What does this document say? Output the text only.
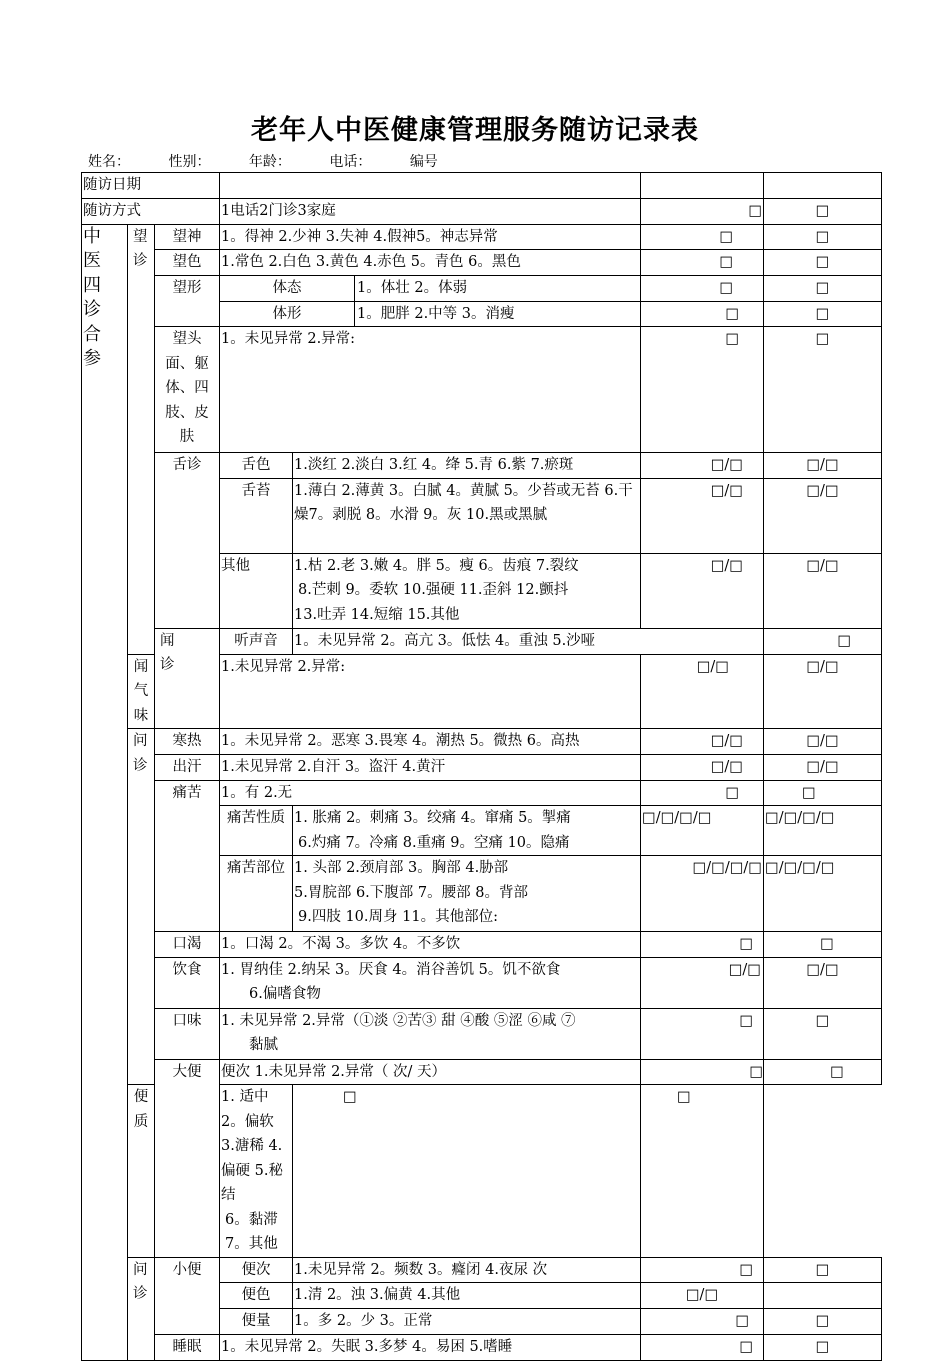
老年人中医健康管理服务随访记录表
姓名：	性别：	年龄：	电话：	编号
随访日期							
随访方式			1电话2门诊3家庭		□	□	

中医四诊合参	望诊	望神	1。得神 2.少神 3.失神 4.假神5。神志异常		□	□	
		望色	1.常色 2.白色 3.黄色 4.赤色 5。青色 6。黑色		□	□	
		望形	体态 1。体壮 2。体弱		□	□	

			体形 1。肥胖 2.中等 3。消瘦		□	□	

		望头面、躯体、四肢、皮肤	1。未见异常 2.异常:		□	□	
		舌诊	舌色	1.淡红 2.淡白 3.红 4。绛 5.青 6.紫 7.瘀斑	□/□	□/□	
			舌苔	1.薄白 2.薄黄 3。白腻 4。黄腻 5。少苔或无苔 6.干燥7。剥脱 8。水滑 9。灰 10.黑或黑腻	□/□	□/□	
			其他	1.枯 2.老 3.嫩 4。胖 5。瘦 6。齿痕 7.裂纹
8.芒刺 9。委软 10.强硬 11.歪斜 12.颤抖
13.吐弄 14.短缩 15.其他	□/□	□/□	

		闻诊	听声音	1。未见异常 2。高亢 3。低怯 4。重浊 5.沙哑		□	
	闻气味		1.未见异常 2.异常:		□/□	□/□	

	问诊	寒热	1。未见异常 2。恶寒 3.畏寒 4。潮热 5。微热 6。高热		□/□	□/□	
		出汗	1.未见异常 2.自汗 3。盗汗 4.黄汗		□/□	□/□	
		痛苦	1。有 2.无		□	□	
			痛苦性质	1. 胀痛 2。刺痛 3。绞痛 4。窜痛 5。掣痛
6.灼痛 7。冷痛 8.重痛 9。空痛 10。隐痛	□/□/□/□	□/□/□/□	
			痛苦部位	1. 头部 2.颈肩部 3。胸部 4.胁部
5.胃脘部 6.下腹部 7。腰部 8。背部
9.四肢 10.周身 11。其他部位:	□/□/□/□	□/□/□/□	
		口渴	1。口渴 2。不渴 3。多饮 4。不多饮		□	□	
		饮食	1. 胃纳佳 2.纳呆 3。厌食 4。消谷善饥 5。饥不欲食
6.偏嗜食物		□/□	□/□	
		口味	1. 未见异常 2.异常（①淡 ②苦③ 甜 ④酸 ⑤涩 ⑥咸 ⑦
黏腻		□	□	
		大便	便次 1.未见异常 2.异常（ 次/ 天）		□	□	
	便质		1. 适中 2。偏软 3.溏稀 4.偏硬 5.秘结
6。黏滞 7。其他	□	□		

	问诊	小便	便次	1.未见异常 2。频数 3。癃闭 4.夜尿 次	□	□	
			便色	1.清 2。浊 3.偏黄 4.其他	□/□		
			便量	1。多 2。少 3。正常	□	□	
		睡眠	1。未见异常 2。失眠 3.多梦 4。易困 5.嗜睡		□	□	
